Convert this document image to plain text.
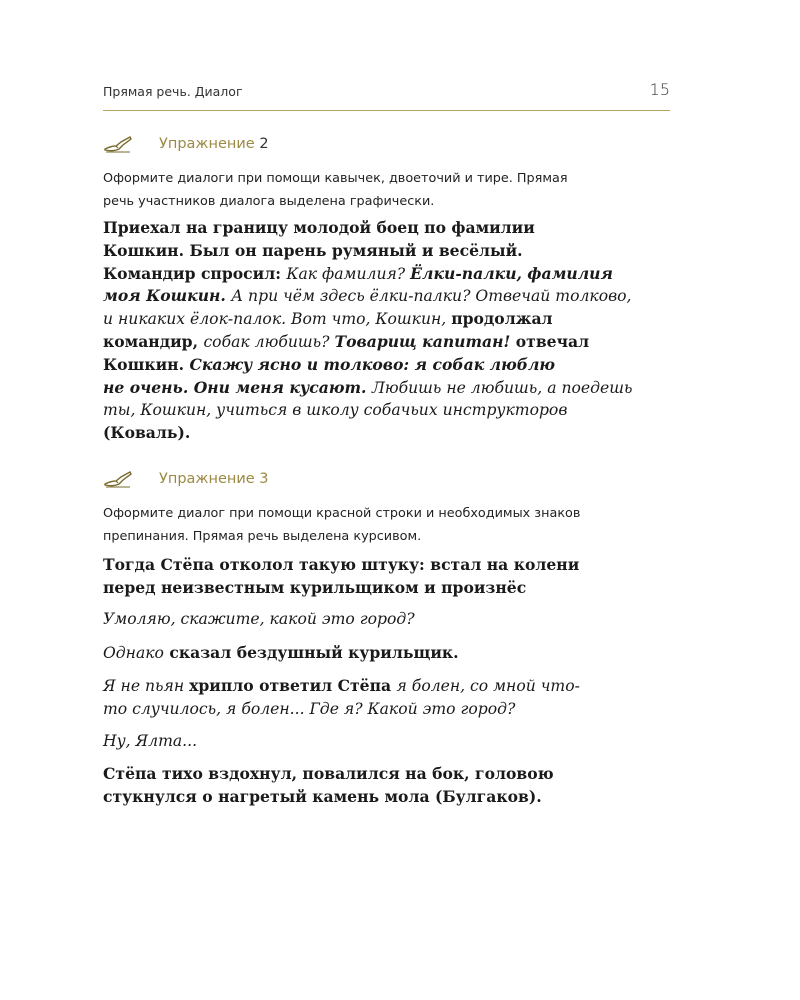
Прямая речь. Диалог	15
Упражнение 2
Оформите диалоги при помощи кавычек, двоеточий и тире. Прямая
речь участников диалога выделена графически.
Приехал на границу молодой боец по фамилии
Кошкин. Был он парень румяный и весёлый.
Командир спросил: Как фамилия? Ёлки-палки, фамилия
моя Кошкин. А при чём здесь ёлки-палки? Отвечай толково,
и никаких ёлок-палок. Вот что, Кошкин, продолжал
командир, собак любишь? Товарищ капитан! отвечал
Кошкин. Скажу ясно и толково: я собак люблю
не очень. Они меня кусают. Любишь не любишь, а поедешь
ты, Кошкин, учиться в школу собачьих инструкторов
(Коваль).
Упражнение 3
Оформите диалог при помощи красной строки и необходимых знаков
препинания. Прямая речь выделена курсивом.
Тогда Стёпа отколол такую штуку: встал на колени
перед неизвестным курильщиком и произнёс
Умоляю, скажите, какой это город?
Однако сказал бездушный курильщик.
Я не пьян хрипло ответил Стёпа я болен, со мной что-
то случилось, я болен... Где я? Какой это город?
Ну, Ялта...
Стёпа тихо вздохнул, повалился на бок, головою
стукнулся о нагретый камень мола (Булгаков).
